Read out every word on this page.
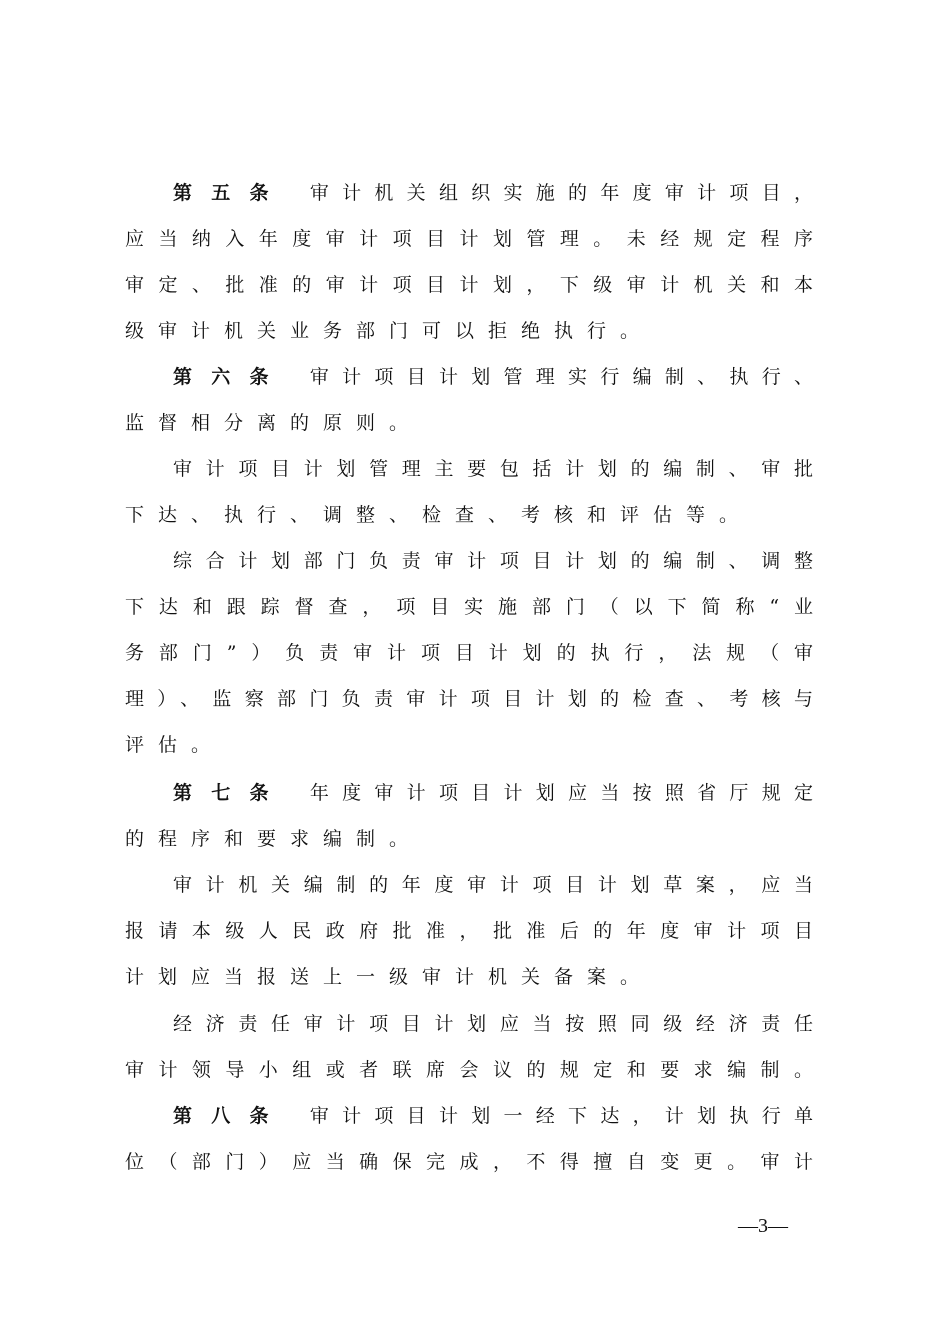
第五条 审计机关组织实施的年度审计项目，
应当纳入年度审计项目计划管理。未经规定程序
审定、批准的审计项目计划，下级审计机关和本
级审计机关业务部门可以拒绝执行。
第六条 审计项目计划管理实行编制、执行、
监督相分离的原则。
审计项目计划管理主要包括计划的编制、审批
下达、执行、调整、检查、考核和评估等。
综合计划部门负责审计项目计划的编制、调整
下达和跟踪督查，项目实施部门（以下简称“业
务部门”）负责审计项目计划的执行，法规（审
理）、监察部门负责审计项目计划的检查、考核与
评估。
第七条 年度审计项目计划应当按照省厅规定
的程序和要求编制。
审计机关编制的年度审计项目计划草案，应当
报请本级人民政府批准，批准后的年度审计项目
计划应当报送上一级审计机关备案。
经济责任审计项目计划应当按照同级经济责任
审计领导小组或者联席会议的规定和要求编制。
第八条 审计项目计划一经下达，计划执行单
位（部门）应当确保完成，不得擅自变更。审计
—3—
